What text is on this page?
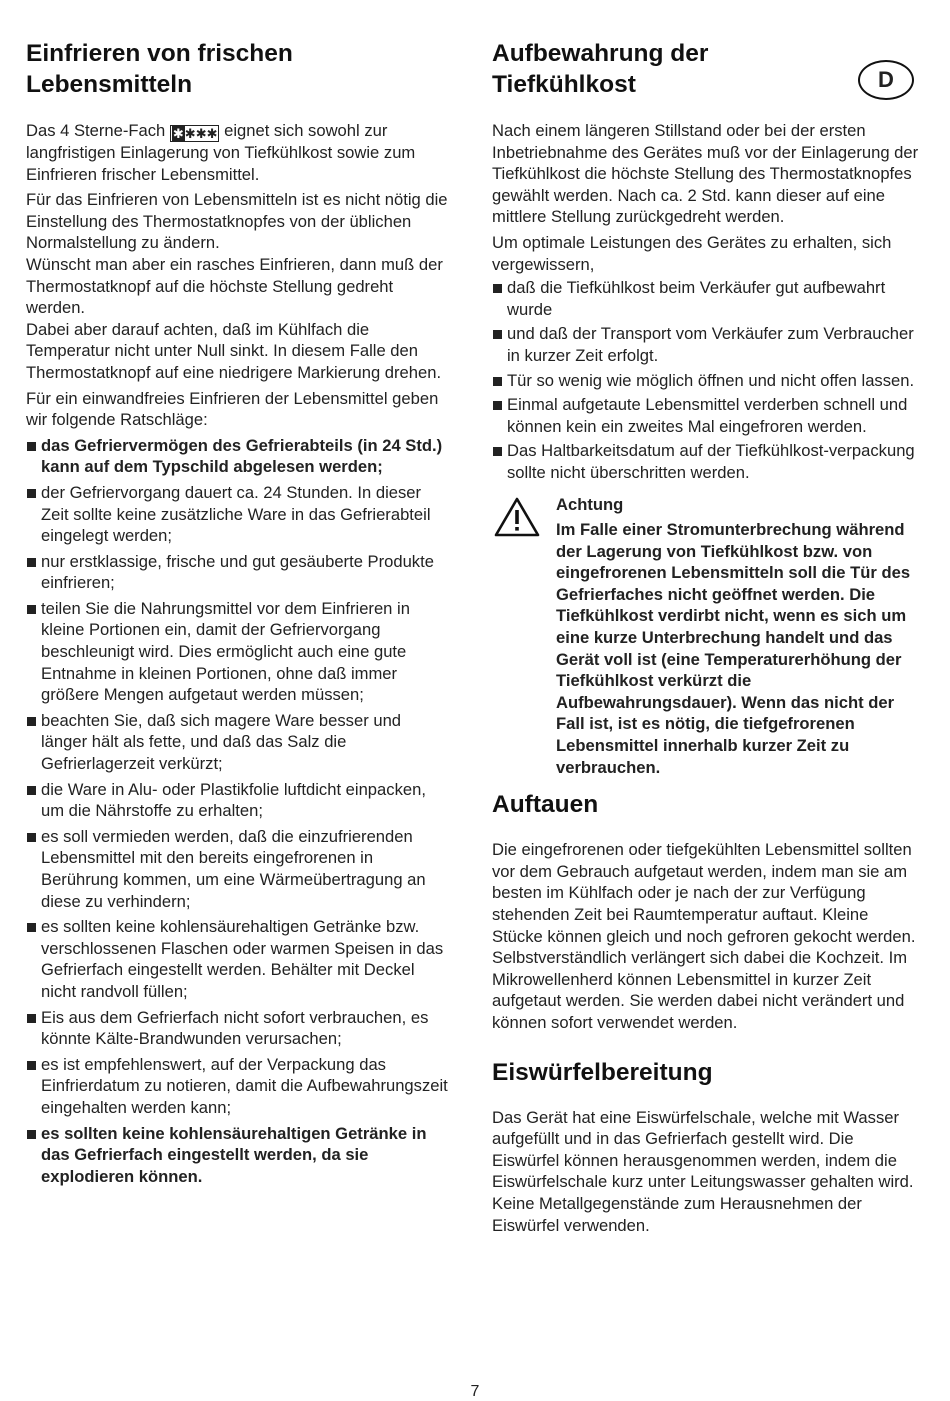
Einfrieren von frischen Lebensmitteln

Das 4 Sterne-Fach ✱✱✱✱ eignet sich sowohl zur langfristigen Einlagerung von Tiefkühlkost sowie zum Einfrieren frischer Lebensmittel.

Für das Einfrieren von Lebensmitteln ist es nicht nötig die Einstellung des Thermostatknopfes von der üblichen Normalstellung zu ändern.

Wünscht man aber ein rasches Einfrieren, dann muß der Thermostatknopf auf die höchste Stellung gedreht werden.

Dabei aber darauf achten, daß im Kühlfach die Temperatur nicht unter Null sinkt. In diesem Falle den Thermostatknopf auf eine niedrigere Markierung drehen.

Für ein einwandfreies Einfrieren der Lebensmittel geben wir folgende Ratschläge:

das Gefriervermögen des Gefrierabteils (in 24 Std.) kann auf dem Typschild abgelesen werden;
der Gefriervorgang dauert ca. 24 Stunden. In dieser Zeit sollte keine zusätzliche Ware in das Gefrierabteil eingelegt werden;
nur erstklassige, frische und gut gesäuberte Produkte einfrieren;
teilen Sie die Nahrungsmittel vor dem Einfrieren in kleine Portionen ein, damit der Gefriervorgang beschleunigt wird. Dies ermöglicht auch eine gute Entnahme in kleinen Portionen, ohne daß immer größere Mengen aufgetaut werden müssen;
beachten Sie, daß sich magere Ware besser und länger hält als fette, und daß das Salz die Gefrierlagerzeit verkürzt;
die Ware in Alu- oder Plastikfolie luftdicht einpacken, um die Nährstoffe zu erhalten;
es soll vermieden werden, daß die einzufrierenden Lebensmittel mit den bereits eingefrorenen in Berührung kommen, um eine Wärmeübertragung an diese zu verhindern;
es sollten keine kohlensäurehaltigen Getränke bzw. verschlossenen Flaschen oder warmen Speisen in das Gefrierfach eingestellt werden. Behälter mit Deckel nicht randvoll füllen;
Eis aus dem Gefrierfach nicht sofort verbrauchen, es könnte Kälte-Brandwunden verursachen;
es ist empfehlenswert, auf der Verpackung das Einfrierdatum zu notieren, damit die Aufbewahrungszeit eingehalten werden kann;
es sollten keine kohlensäurehaltigen Getränke in das Gefrierfach eingestellt werden, da sie explodieren können.
D
Aufbewahrung der Tiefkühlkost

Nach einem längeren Stillstand oder bei der ersten Inbetriebnahme des Gerätes muß vor der Einlagerung der Tiefkühlkost die höchste Stellung des Thermostatknopfes gewählt werden. Nach ca. 2 Std. kann dieser auf eine mittlere Stellung zurückgedreht werden.

Um optimale Leistungen des Gerätes zu erhalten, sich vergewissern,

daß die Tiefkühlkost beim Verkäufer gut aufbewahrt wurde
und daß der Transport vom Verkäufer zum Verbraucher in kurzer Zeit erfolgt.
Tür so wenig wie möglich öffnen und nicht offen lassen.
Einmal aufgetaute Lebensmittel verderben schnell und können kein ein zweites Mal eingefroren werden.
Das Haltbarkeitsdatum auf der Tiefkühlkost-verpackung sollte nicht überschritten werden.
Achtung
Im Falle einer Stromunterbrechung während der Lagerung von Tiefkühlkost bzw. von eingefrorenen Lebensmitteln soll die Tür des Gefrierfaches nicht geöffnet werden. Die Tiefkühlkost verdirbt nicht, wenn es sich um eine kurze Unterbrechung handelt und das Gerät voll ist (eine Temperaturerhöhung der Tiefkühlkost verkürzt die Aufbewahrungsdauer). Wenn das nicht der Fall ist, ist es nötig, die tiefgefrorenen Lebensmittel innerhalb kurzer Zeit zu verbrauchen.
Auftauen

Die eingefrorenen oder tiefgekühlten Lebensmittel sollten vor dem Gebrauch aufgetaut werden, indem man sie am besten im Kühlfach oder je nach der zur Verfügung stehenden Zeit bei Raumtemperatur auftaut. Kleine Stücke können gleich und noch gefroren gekocht werden. Selbstverständlich verlängert sich dabei die Kochzeit. Im Mikrowellenherd können Lebensmittel in kurzer Zeit aufgetaut werden. Sie werden dabei nicht verändert und können sofort verwendet werden.

Eiswürfelbereitung

Das Gerät hat eine Eiswürfelschale, welche mit Wasser aufgefüllt und in das Gefrierfach gestellt wird. Die Eiswürfel können herausgenommen werden, indem die Eiswürfelschale kurz unter Leitungswasser gehalten wird. Keine Metallgegenstände zum Herausnehmen der Eiswürfel verwenden.

7
